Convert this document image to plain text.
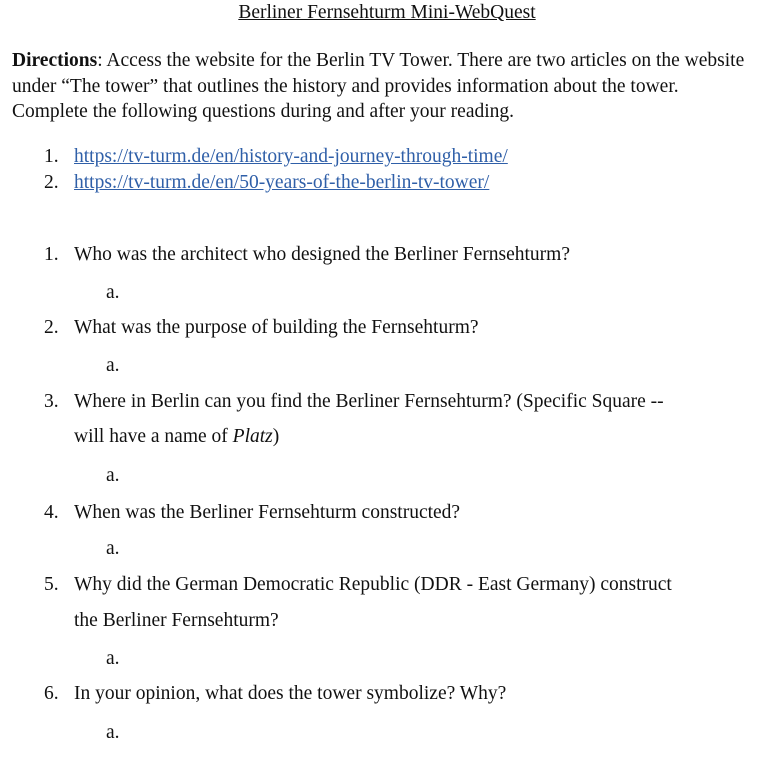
Berliner Fernsehturm Mini-WebQuest
Directions: Access the website for the Berlin TV Tower. There are two articles on the website under “The tower” that outlines the history and provides information about the tower. Complete the following questions during and after your reading.
1. https://tv-turm.de/en/history-and-journey-through-time/
2. https://tv-turm.de/en/50-years-of-the-berlin-tv-tower/
1. Who was the architect who designed the Berliner Fernsehturm?
a.
2. What was the purpose of building the Fernsehturm?
a.
3. Where in Berlin can you find the Berliner Fernsehturm? (Specific Square --
will have a name of Platz)
a.
4. When was the Berliner Fernsehturm constructed?
a.
5. Why did the German Democratic Republic (DDR - East Germany) construct
the Berliner Fernsehturm?
a.
6. In your opinion, what does the tower symbolize? Why?
a.
